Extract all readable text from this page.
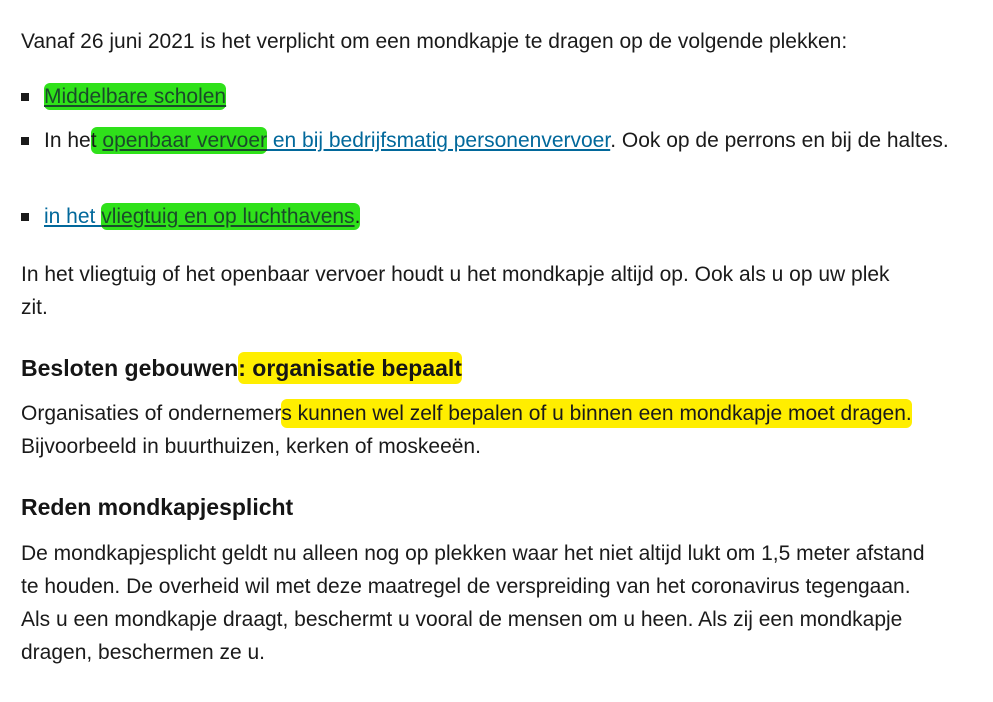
Vanaf 26 juni 2021 is het verplicht om een mondkapje te dragen op de volgende plekken:

Middelbare scholen
In het openbaar vervoer en bij bedrijfsmatig personenvervoer. Ook op de perrons en bij de haltes.
in het vliegtuig en op luchthavens.

In het vliegtuig of het openbaar vervoer houdt u het mondkapje altijd op. Ook als u op uw plek zit.

Besloten gebouwen: organisatie bepaalt

Organisaties of ondernemers kunnen wel zelf bepalen of u binnen een mondkapje moet dragen. Bijvoorbeeld in buurthuizen, kerken of moskeeën.

Reden mondkapjesplicht

De mondkapjesplicht geldt nu alleen nog op plekken waar het niet altijd lukt om 1,5 meter afstand te houden. De overheid wil met deze maatregel de verspreiding van het coronavirus tegengaan. Als u een mondkapje draagt, beschermt u vooral de mensen om u heen. Als zij een mondkapje dragen, beschermen ze u.
